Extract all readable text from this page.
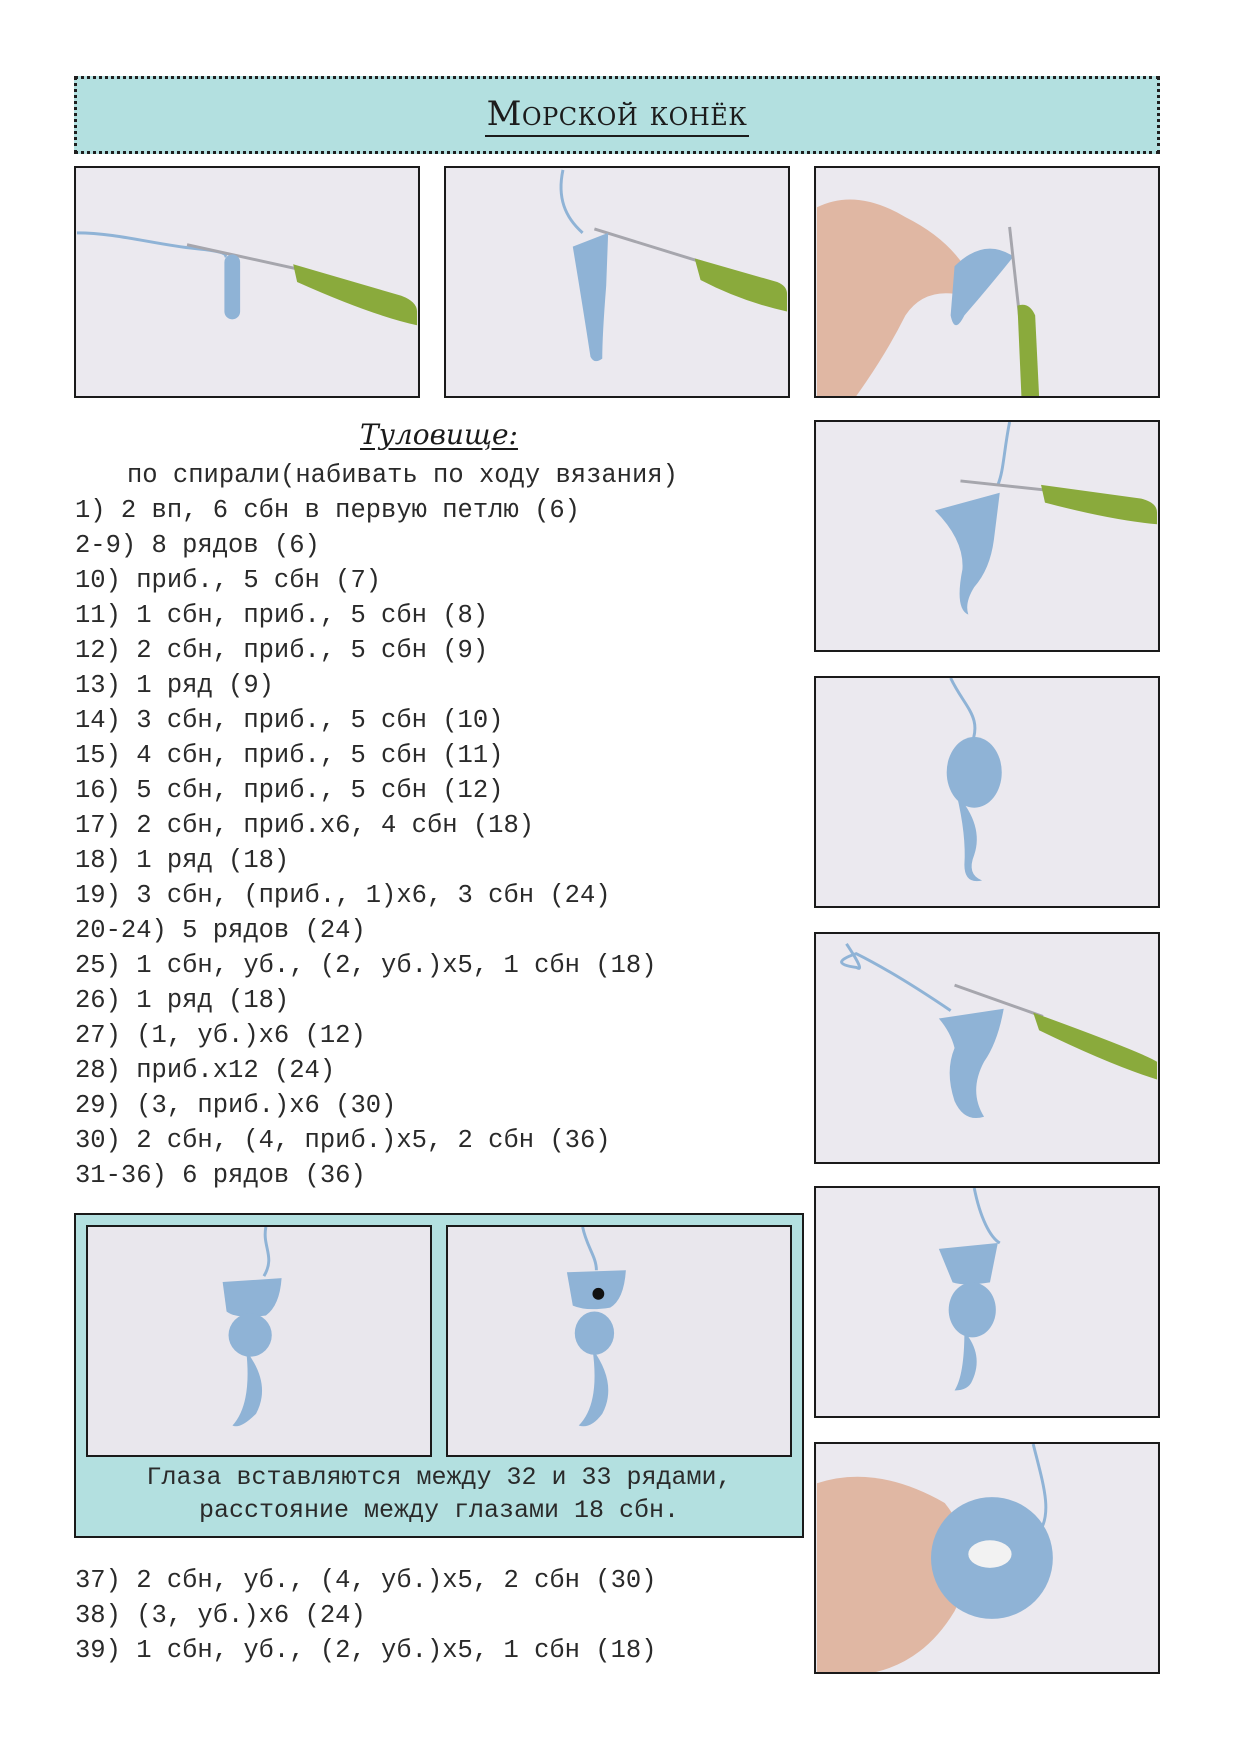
Морской конёк
Туловище:
по спирали(набивать по ходу вязания)
1) 2 вп, 6 сбн в первую петлю (6)
2-9) 8 рядов (6)
10) приб., 5 сбн (7)
11) 1 сбн, приб., 5 сбн (8)
12) 2 сбн, приб., 5 сбн (9)
13) 1 ряд (9)
14) 3 сбн, приб., 5 сбн (10)
15) 4 сбн, приб., 5 сбн (11)
16) 5 сбн, приб., 5 сбн (12)
17) 2 сбн, приб.х6, 4 сбн (18)
18) 1 ряд (18)
19) 3 сбн, (приб., 1)х6, 3 сбн (24)
20-24) 5 рядов (24)
25) 1 сбн, уб., (2, уб.)х5, 1 сбн (18)
26) 1 ряд (18)
27) (1, уб.)х6 (12)
28) приб.х12 (24)
29) (3, приб.)х6 (30)
30) 2 сбн, (4, приб.)х5, 2 сбн (36)
31-36) 6 рядов (36)
Глаза вставляются между 32 и 33 рядами,
расстояние между глазами 18 сбн.
37) 2 сбн, уб., (4, уб.)х5, 2 сбн (30)
38) (3, уб.)х6 (24)
39) 1 сбн, уб., (2, уб.)х5, 1 сбн (18)
